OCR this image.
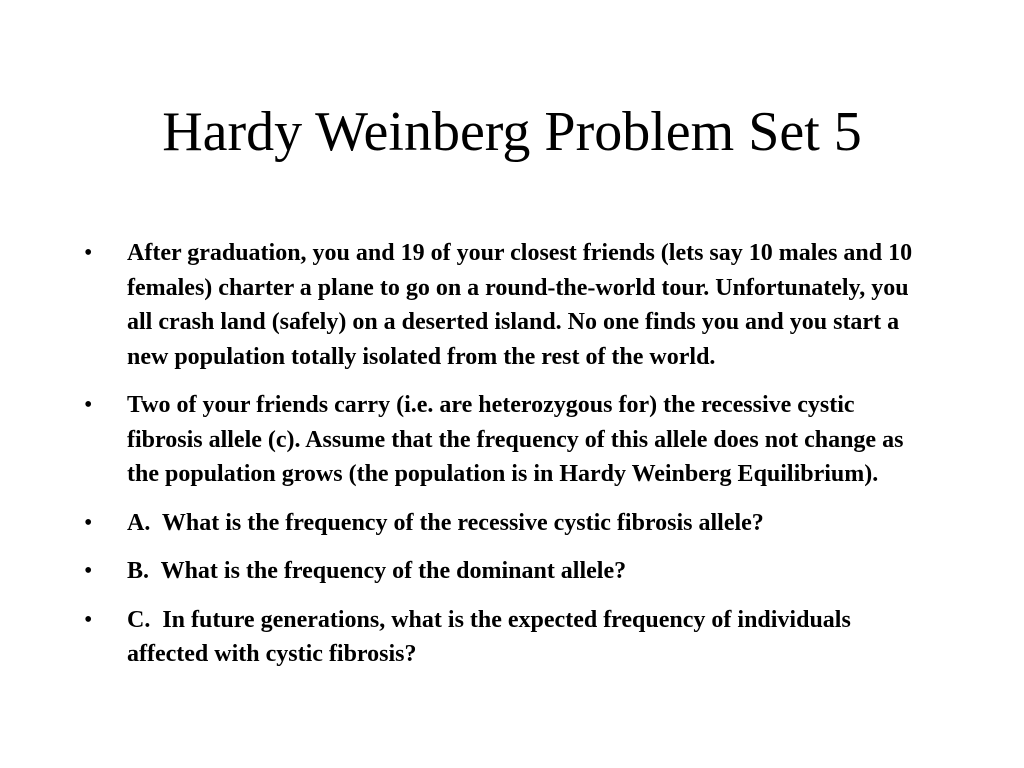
Hardy Weinberg Problem Set 5
•	After graduation, you and 19 of your closest friends (lets say 10 males and 10 females) charter a plane to go on a round-the-world tour. Unfortunately, you all crash land (safely) on a deserted island. No one finds you and you start a new population totally isolated from the rest of the world.
•	Two of your friends carry (i.e. are heterozygous for) the recessive cystic fibrosis allele (c). Assume that the frequency of this allele does not change as the population grows (the population is in Hardy Weinberg Equilibrium).
•	A.  What is the frequency of the recessive cystic fibrosis allele?
•	B.  What is the frequency of the dominant allele?
•	C.  In future generations, what is the expected frequency of individuals affected with cystic fibrosis?
